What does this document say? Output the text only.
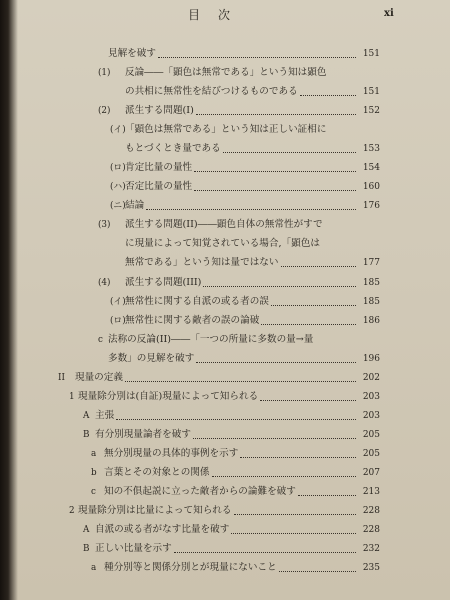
目次	xi
見解を破す	151
(1) 反論――「顕色は無常である」という知は顕色
の共相に無常性を結びつけるものである	151
(2) 派生する問題(I)	152
(イ) 「顕色は無常である」という知は正しい証相に
もとづくとき量である	153
(ロ) 肯定比量の量性	154
(ハ) 否定比量の量性	160
(ニ) 結論	176
(3) 派生する問題(II)――顕色自体の無常性がすで
に現量によって知覚されている場合,「顕色は
無常である」という知は量ではない	177
(4) 派生する問題(III)	185
(イ) 無常性に関する自派の或る者の誤	185
(ロ) 無常性に関する敵者の誤の論破	186
c 法称の反論(II)――「一つの所量に多数の量→量
多数」の見解を破す	196
II 現量の定義	202
1 現量除分別は(自証)現量によって知られる	203
A 主張	203
B 有分別現量論者を破す	205
a 無分別現量の具体的事例を示す	205
b 言葉とその対象との関係	207
c 知の不俱起説に立った敵者からの論難を破す	213
2 現量除分別は比量によって知られる	228
A 自派の或る者がなす比量を破す	228
B 正しい比量を示す	232
a 種分別等と関係分別とが現量にないこと	235
